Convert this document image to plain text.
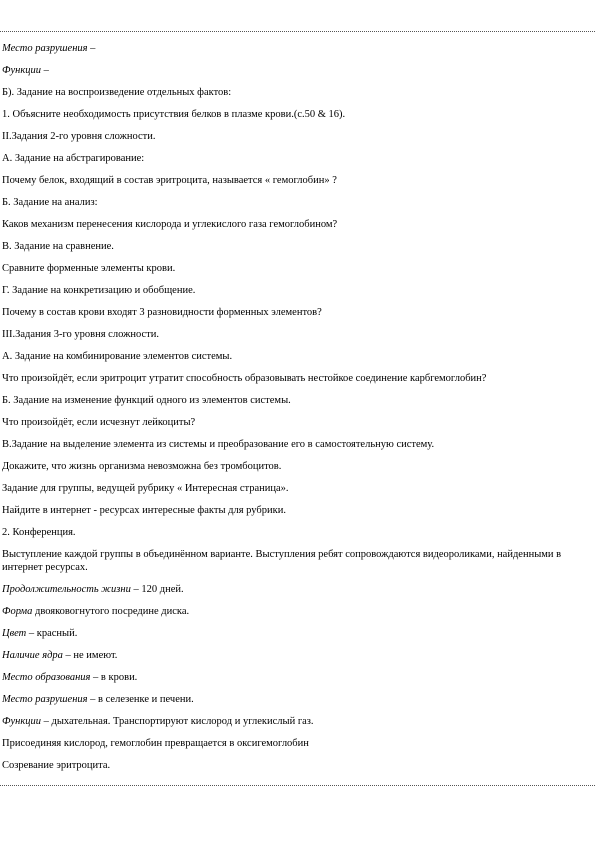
Место разрушения –
Функции –
Б). Задание на воспроизведение отдельных фактов:
1. Объясните необходимость присутствия белков в плазме крови.(с.50 & 16).
ӀӀ.Задания 2-го уровня сложности.
А. Задание на абстрагирование:
Почему белок, входящий в состав эритроцита, называется « гемоглобин» ?
Б. Задание на анализ:
Каков механизм перенесения кислорода и углекислого газа гемоглобином?
В. Задание на сравнение.
Сравните форменные элементы крови.
Г. Задание на конкретизацию и обобщение.
Почему в состав крови входят 3 разновидности форменных элементов?
ӀӀӀ.Задания 3-го уровня сложности.
А. Задание на комбинирование элементов системы.
Что произойдёт, если эритроцит утратит способность образовывать нестойкое соединение карбгемоглобин?
Б. Задание на изменение функций одного из элементов системы.
Что произойдёт, если исчезнут лейкоциты?
В.Задание на выделение элемента из системы и преобразование его в самостоятельную систему.
Докажите, что жизнь организма невозможна без тромбоцитов.
Задание для группы, ведущей рубрику « Интересная страница».
Найдите в интернет - ресурсах интересные факты для рубрики.
2. Конференция.
Выступление каждой группы в объединённом варианте. Выступления ребят сопровождаются видеороликами, найденными в интернет ресурсах.
Продолжительность жизни – 120 дней.
Форма двояковогнутого посредине диска.
Цвет – красный.
Наличие ядра – не имеют.
Место образования – в крови.
Место разрушения – в селезенке и печени.
Функции – дыхательная. Транспортируют кислород и углекислый газ.
Присоединяя кислород, гемоглобин превращается в оксигемоглобин
Созревание эритроцита.
